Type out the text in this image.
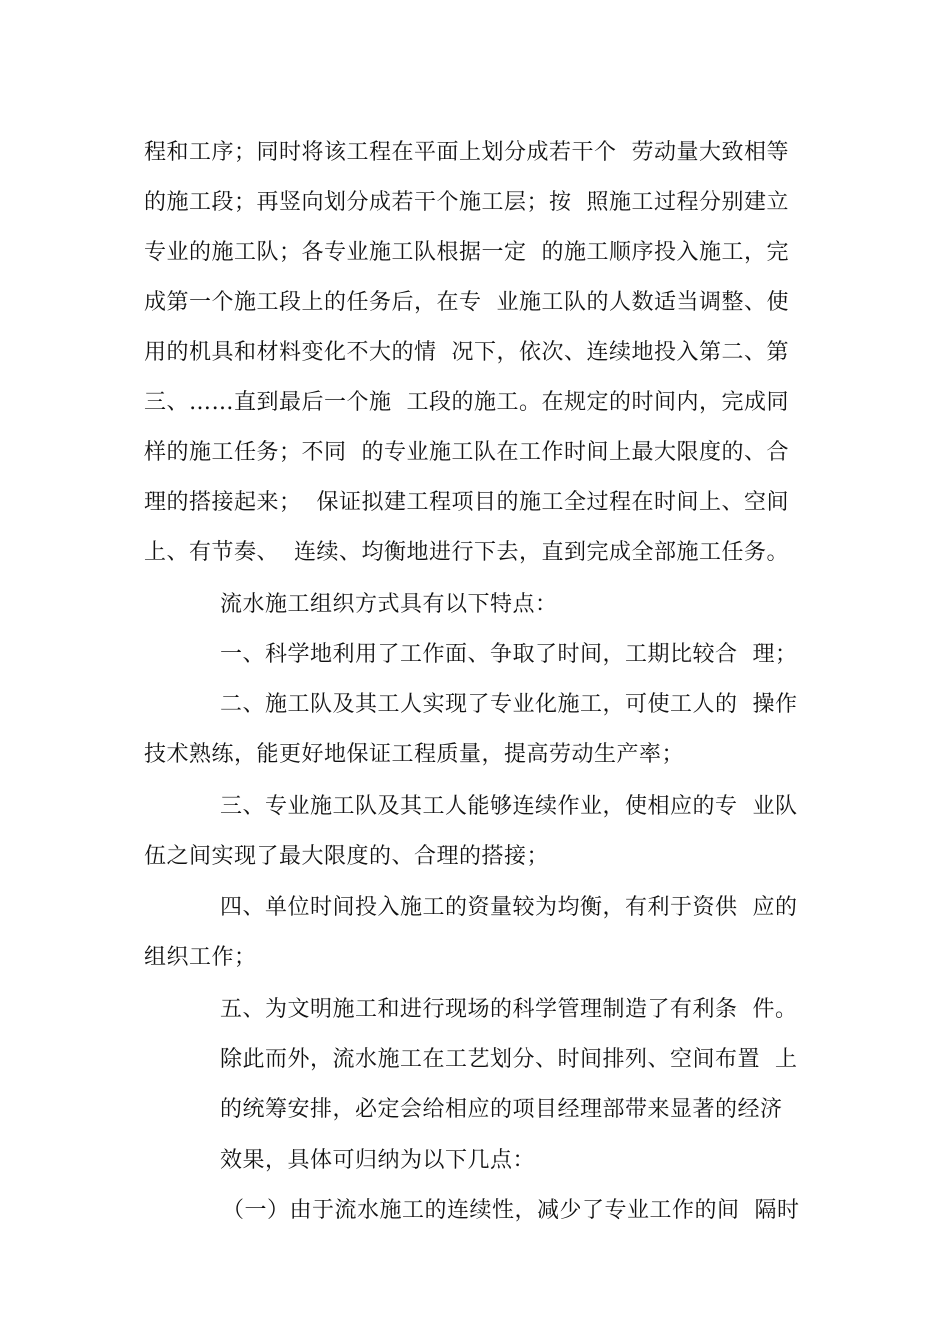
程和工序；同时将该工程在平面上划分成若干个  劳动量大致相等
的施工段；再竖向划分成若干个施工层；按  照施工过程分别建立
专业的施工队；各专业施工队根据一定  的施工顺序投入施工，完
成第一个施工段上的任务后，在专  业施工队的人数适当调整、使
用的机具和材料变化不大的情  况下，依次、连续地投入第二、第
三、……直到最后一个施  工段的施工。在规定的时间内，完成同
样的施工任务；不同  的专业施工队在工作时间上最大限度的、合
理的搭接起来；  保证拟建工程项目的施工全过程在时间上、空间
上、有节奏、  连续、均衡地进行下去，直到完成全部施工任务。
流水施工组织方式具有以下特点：
一、科学地利用了工作面、争取了时间，工期比较合  理；
二、施工队及其工人实现了专业化施工，可使工人的  操作
技术熟练，能更好地保证工程质量，提高劳动生产率；
三、专业施工队及其工人能够连续作业，使相应的专  业队
伍之间实现了最大限度的、合理的搭接；
四、单位时间投入施工的资量较为均衡，有利于资供  应的
组织工作；
五、为文明施工和进行现场的科学管理制造了有利条  件。
除此而外，流水施工在工艺划分、时间排列、空间布置  上
的统筹安排，必定会给相应的项目经理部带来显著的经济
效果，具体可归纳为以下几点：
（一）由于流水施工的连续性，减少了专业工作的间  隔时
